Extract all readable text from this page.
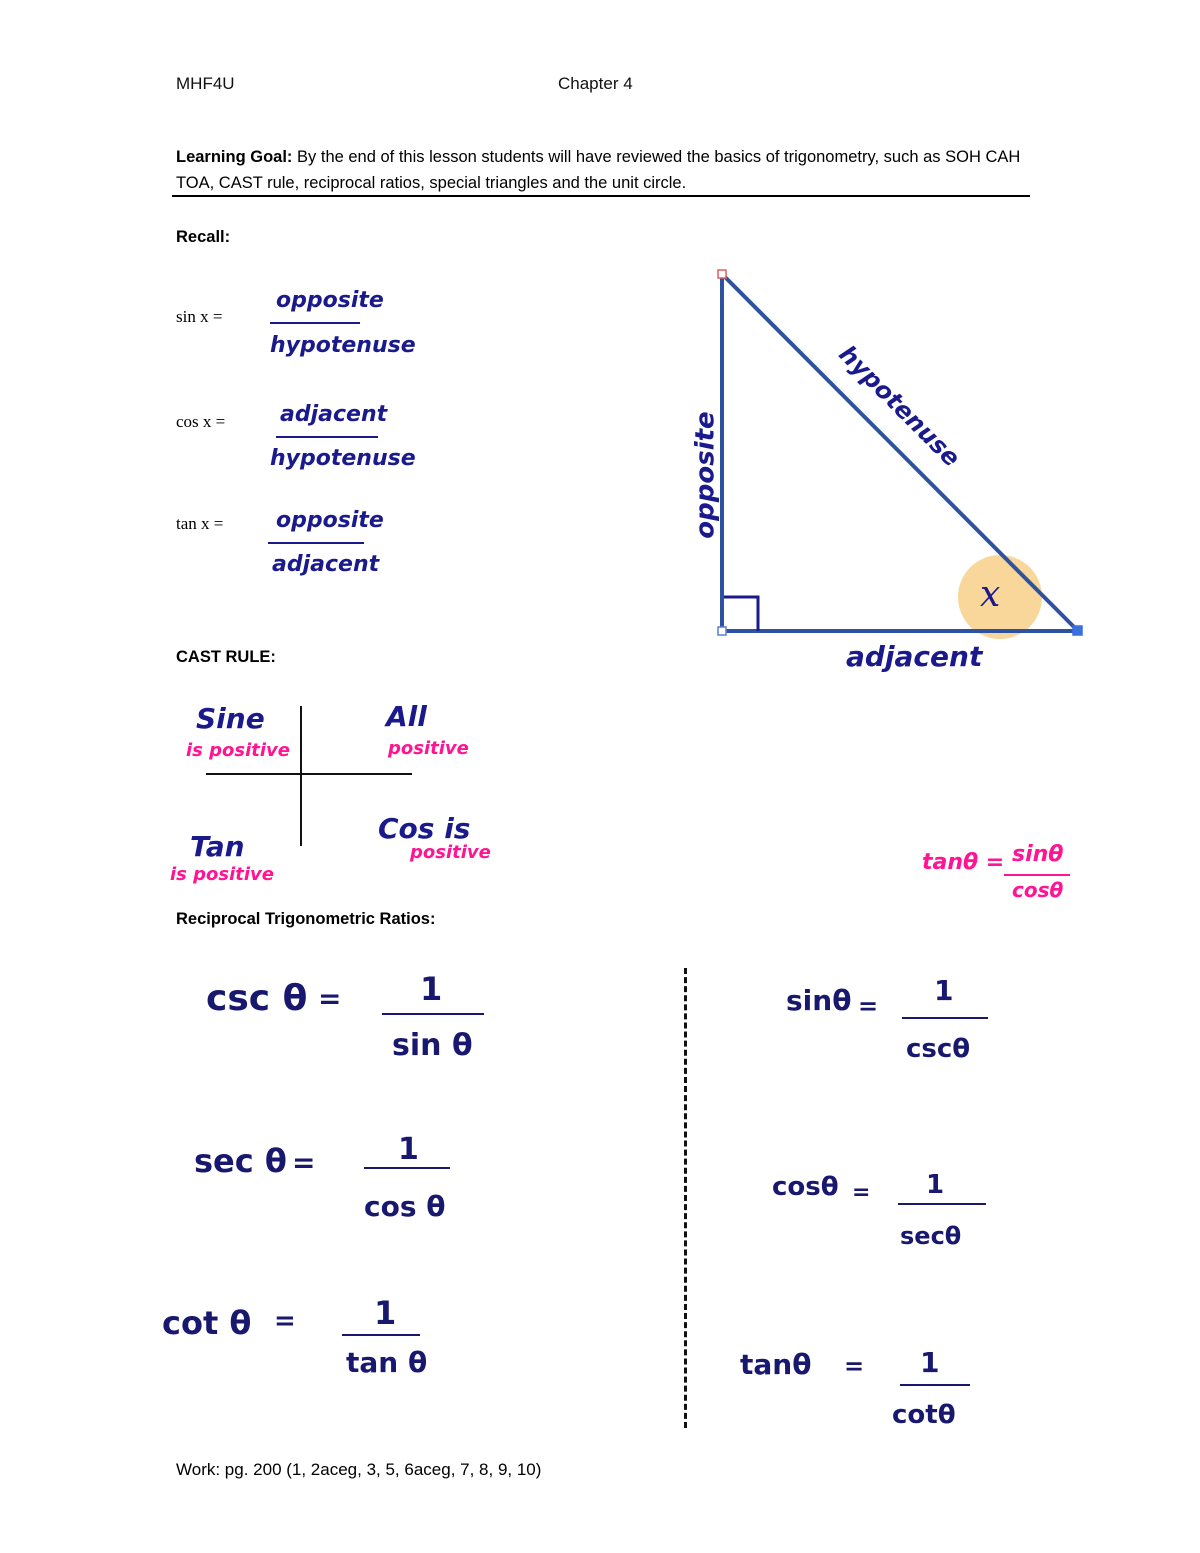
MHF4U	Chapter 4
Learning Goal: By the end of this lesson students will have reviewed the basics of trigonometry, such as SOH CAH TOA, CAST rule, reciprocal ratios, special triangles and the unit circle.
Recall:
sin x =
opposite
hypotenuse
cos x = adjacent
hypotenuse
tan x = opposite
adjacent
opposite
hypotenuse
adjacent
x
CAST RULE:
Sine
is positive
All
positive
Tan
is positive
Cos is
positive	tanθ = sinθ
cosθ
Reciprocal Trigonometric Ratios:
csc θ = 1
sin θ
sec θ =	1
cos θ
cot θ = 1
tan θ
sinθ = 1
cscθ
cosθ = 1
secθ
tanθ = 1
cotθ
Work: pg. 200 (1, 2aceg, 3, 5, 6aceg, 7, 8, 9, 10)
